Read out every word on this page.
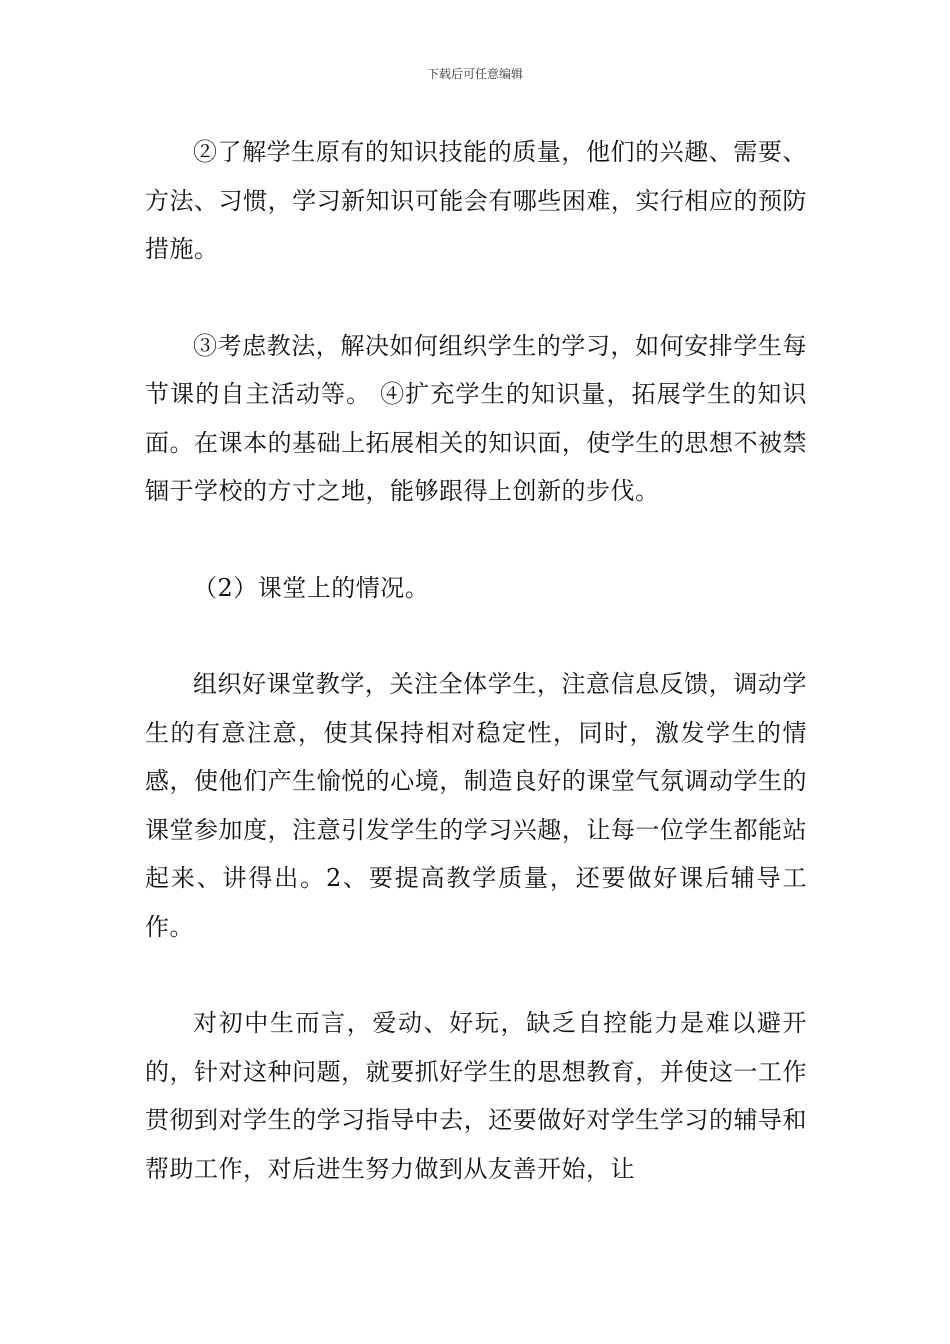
下载后可任意编辑

②了解学生原有的知识技能的质量，他们的兴趣、需要、方法、习惯，学习新知识可能会有哪些困难，实行相应的预防措施。

③考虑教法，解决如何组织学生的学习，如何安排学生每节课的自主活动等。 ④扩充学生的知识量，拓展学生的知识面。在课本的基础上拓展相关的知识面，使学生的思想不被禁锢于学校的方寸之地，能够跟得上创新的步伐。

（2）课堂上的情况。

组织好课堂教学，关注全体学生，注意信息反馈，调动学生的有意注意，使其保持相对稳定性，同时，激发学生的情感，使他们产生愉悦的心境，制造良好的课堂气氛调动学生的课堂参加度，注意引发学生的学习兴趣，让每一位学生都能站起来、讲得出。2、要提高教学质量，还要做好课后辅导工作。

对初中生而言，爱动、好玩，缺乏自控能力是难以避开的，针对这种问题，就要抓好学生的思想教育，并使这一工作贯彻到对学生的学习指导中去，还要做好对学生学习的辅导和帮助工作，对后进生努力做到从友善开始，让
